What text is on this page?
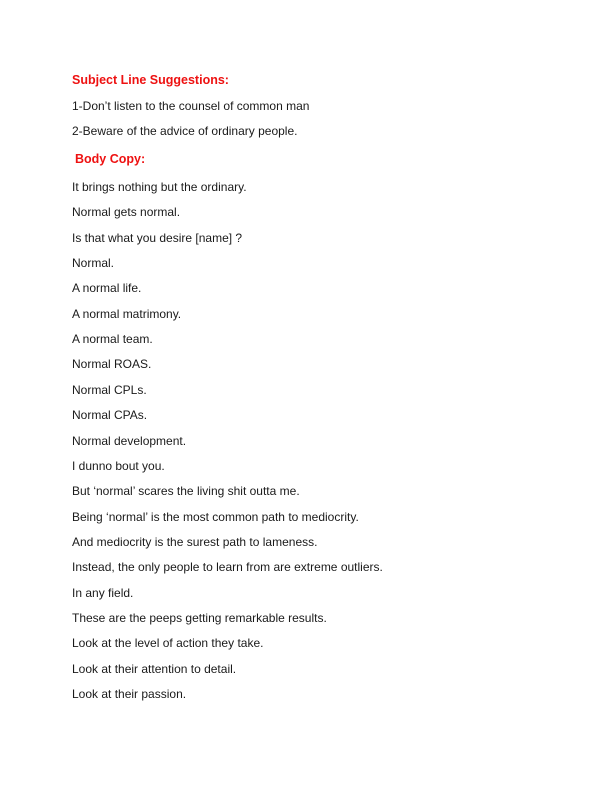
Subject Line Suggestions:
1-Don’t listen to the counsel of common man
2-Beware of the advice of ordinary people.
Body Copy:
It brings nothing but the ordinary.
Normal gets normal.
Is that what you desire [name] ?
Normal.
A normal life.
A normal matrimony.
A normal team.
Normal ROAS.
Normal CPLs.
Normal CPAs.
Normal development.
I dunno bout you.
But ‘normal’ scares the living shit outta me.
Being ‘normal’ is the most common path to mediocrity.
And mediocrity is the surest path to lameness.
Instead, the only people to learn from are extreme outliers.
In any field.
These are the peeps getting remarkable results.
Look at the level of action they take.
Look at their attention to detail.
Look at their passion.
